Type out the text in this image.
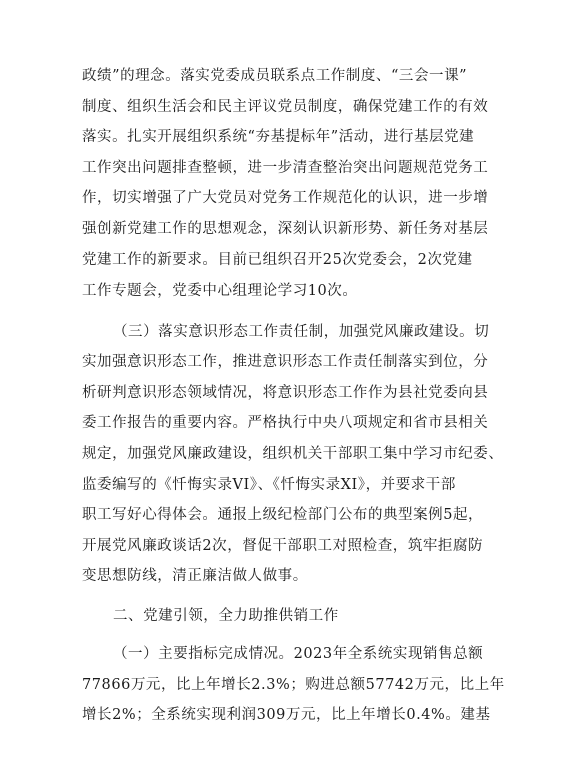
政绩”的理念。落实党委成员联系点工作制度、“三会一课”
制度、组织生活会和民主评议党员制度，确保党建工作的有效
落实。扎实开展组织系统“夯基提标年”活动，进行基层党建
工作突出问题排查整顿，进一步清查整治突出问题规范党务工
作，切实增强了广大党员对党务工作规范化的认识，进一步增
强创新党建工作的思想观念，深刻认识新形势、新任务对基层
党建工作的新要求。目前已组织召开25次党委会，2次党建
工作专题会，党委中心组理论学习10次。
（三）落实意识形态工作责任制，加强党风廉政建设。切
实加强意识形态工作，推进意识形态工作责任制落实到位，分
析研判意识形态领域情况，将意识形态工作作为县社党委向县
委工作报告的重要内容。严格执行中央八项规定和省市县相关
规定，加强党风廉政建设，组织机关干部职工集中学习市纪委、
监委编写的《忏悔实录VI》、《忏悔实录XI》，并要求干部
职工写好心得体会。通报上级纪检部门公布的典型案例5起，
开展党风廉政谈话2次，督促干部职工对照检查，筑牢拒腐防
变思想防线，清正廉洁做人做事。
二、党建引领，全力助推供销工作
（一）主要指标完成情况。2023年全系统实现销售总额
77866万元，比上年增长2.3%；购进总额57742万元，比上年
增长2%；全系统实现利润309万元，比上年增长0.4%。建基
